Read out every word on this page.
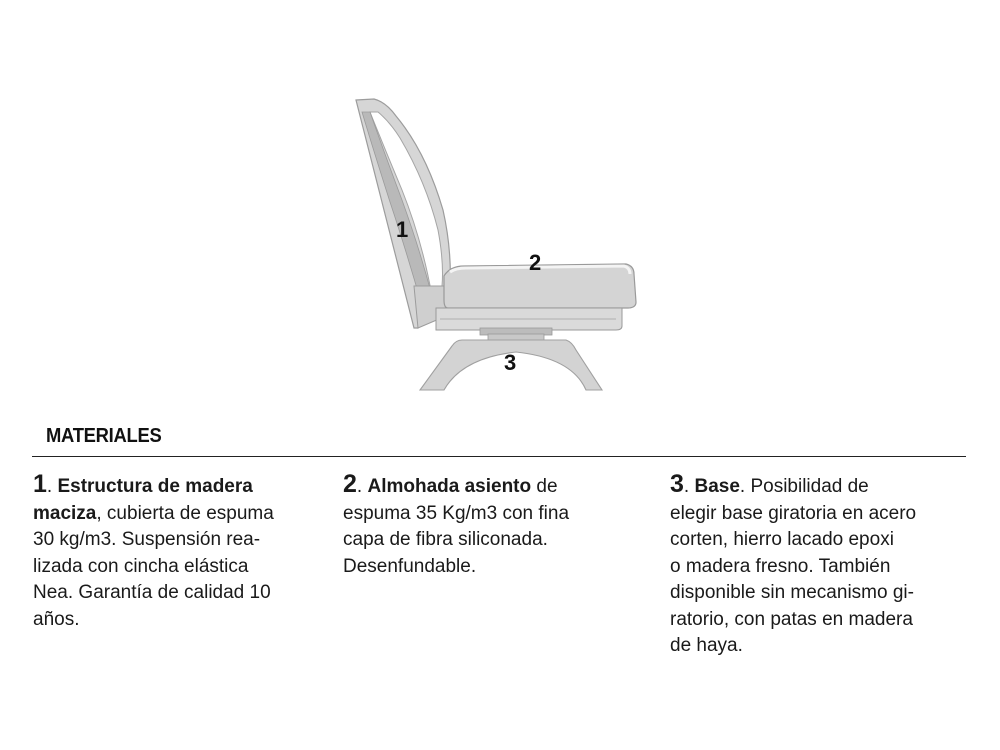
1
2
3
MATERIALES
1. Estructura de madera
maciza, cubierta de espuma
30 kg/m3. Suspensión rea-
lizada con cincha elástica
Nea. Garantía de calidad 10
años.
2. Almohada asiento de
espuma 35 Kg/m3 con fina
capa de fibra siliconada.
Desenfundable.
3. Base. Posibilidad de
elegir base giratoria en acero
corten, hierro lacado epoxi
o madera fresno. También
disponible sin mecanismo gi-
ratorio, con patas en madera
de haya.
